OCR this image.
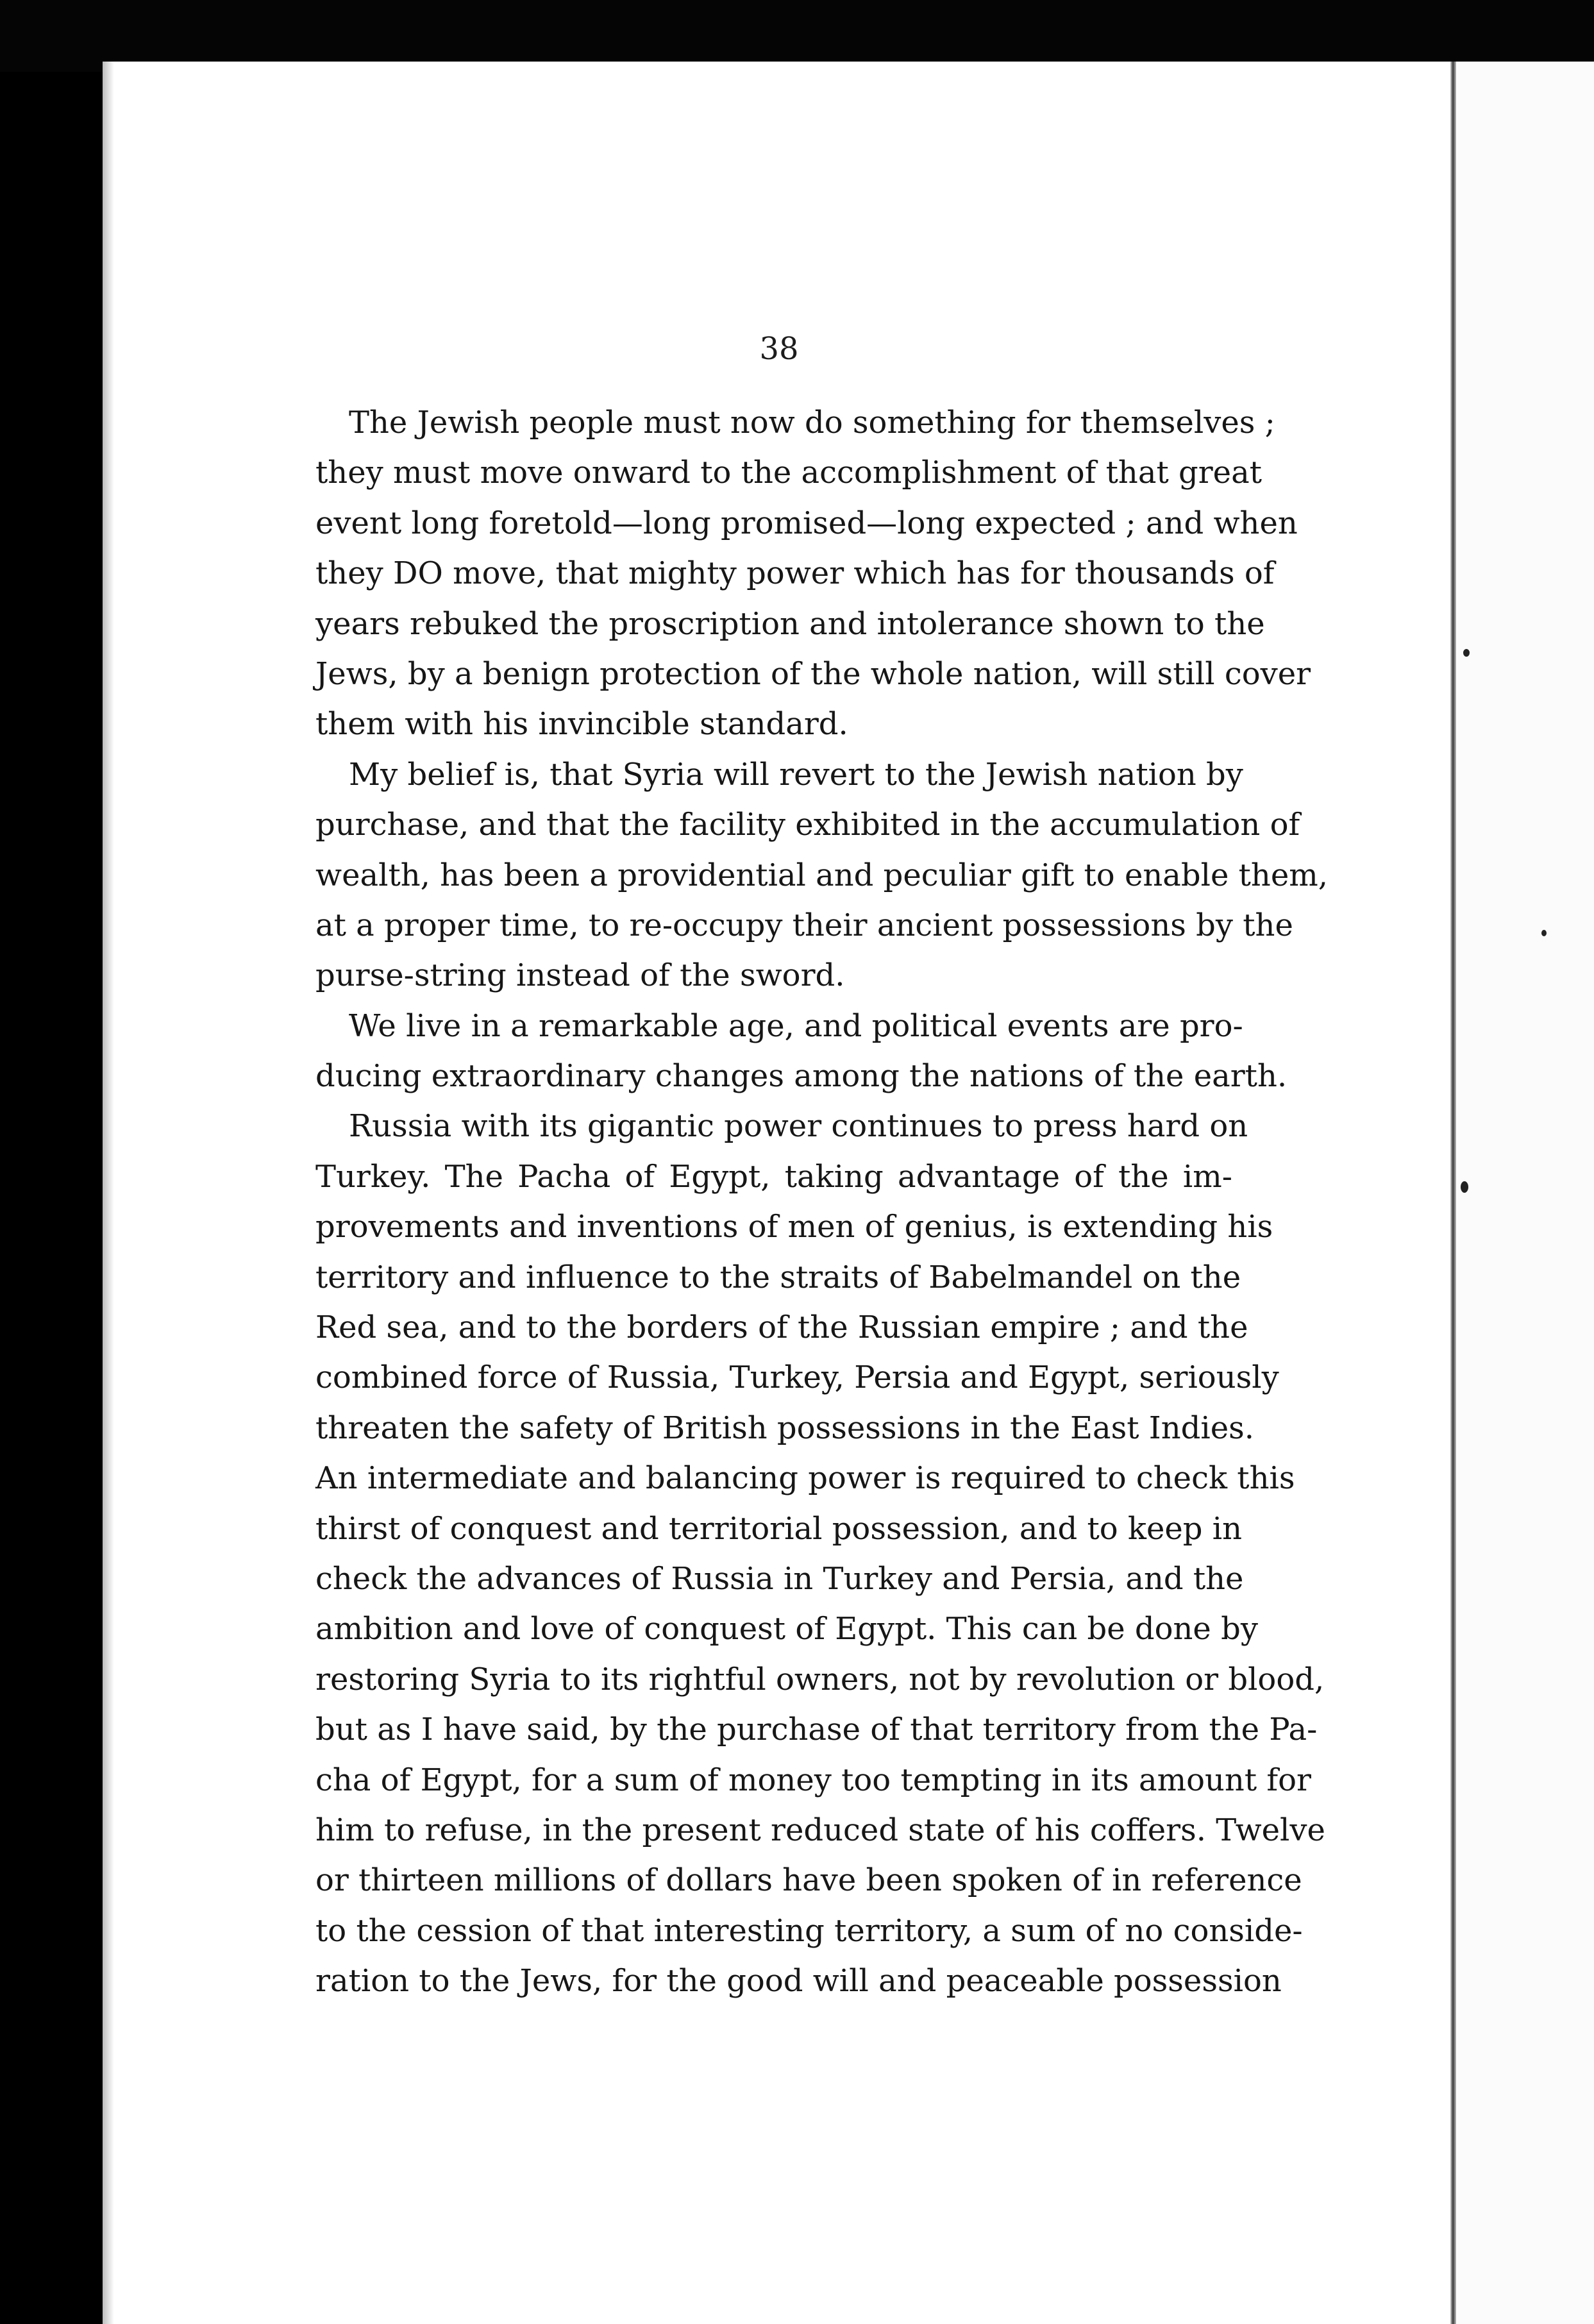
38
The Jewish people must now do something for themselves ;
they must move onward to the accomplishment of that great
event long foretold—long promised—long expected ; and when
they DO move, that mighty power which has for thousands of
years rebuked the proscription and intolerance shown to the
Jews, by a benign protection of the whole nation, will still cover
them with his invincible standard.
My belief is, that Syria will revert to the Jewish nation by
purchase, and that the facility exhibited in the accumulation of
wealth, has been a providential and peculiar gift to enable them,
at a proper time, to re-occupy their ancient possessions by the
purse-string instead of the sword.
We live in a remarkable age, and political events are pro-
ducing extraordinary changes among the nations of the earth.
Russia with its gigantic power continues to press hard on
Turkey. The Pacha of Egypt, taking advantage of the im-
provements and inventions of men of genius, is extending his
territory and influence to the straits of Babelmandel on the
Red sea, and to the borders of the Russian empire ; and the
combined force of Russia, Turkey, Persia and Egypt, seriously
threaten the safety of British possessions in the East Indies.
An intermediate and balancing power is required to check this
thirst of conquest and territorial possession, and to keep in
check the advances of Russia in Turkey and Persia, and the
ambition and love of conquest of Egypt. This can be done by
restoring Syria to its rightful owners, not by revolution or blood,
but as I have said, by the purchase of that territory from the Pa-
cha of Egypt, for a sum of money too tempting in its amount for
him to refuse, in the present reduced state of his coffers. Twelve
or thirteen millions of dollars have been spoken of in reference
to the cession of that interesting territory, a sum of no conside-
ration to the Jews, for the good will and peaceable possession
